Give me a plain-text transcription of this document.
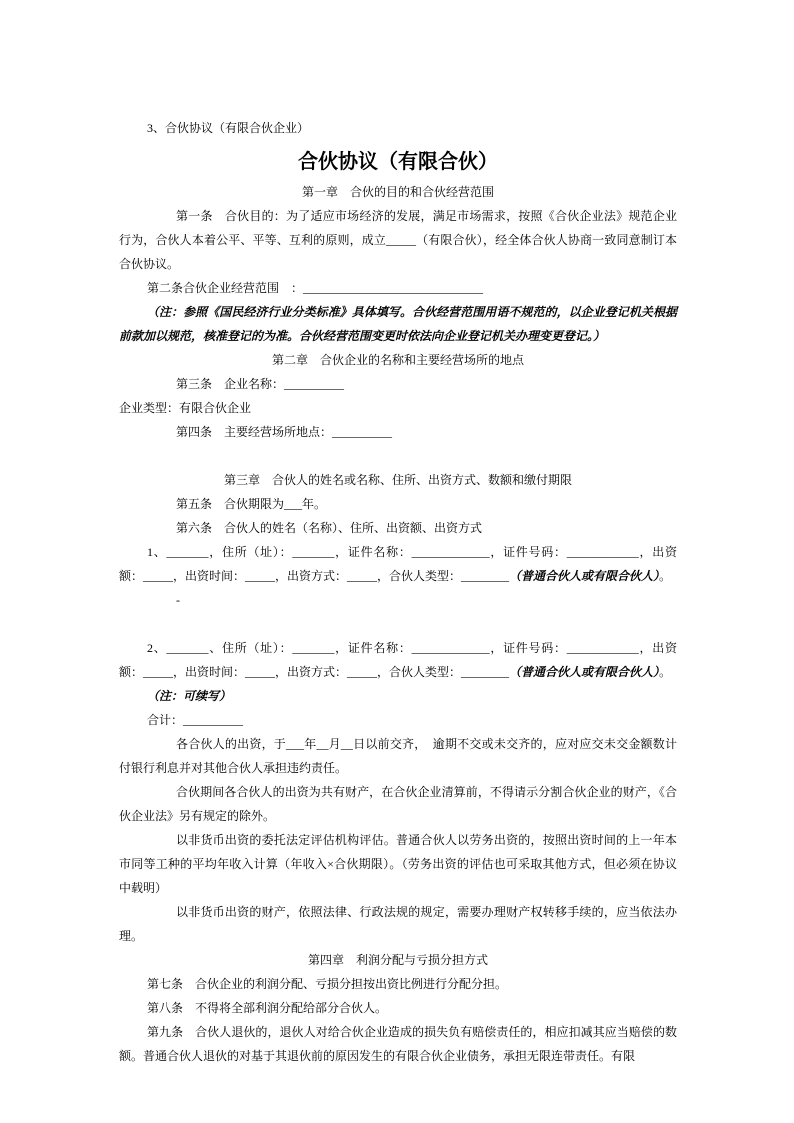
3、合伙协议（有限合伙企业）

合伙协议（有限合伙）

第一章　合伙的目的和合伙经营范围

第一条　合伙目的：为了适应市场经济的发展，满足市场需求，按照《合伙企业法》规范企业行为，合伙人本着公平、平等、互利的原则，成立_____（有限合伙），经全体合伙人协商一致同意制订本合伙协议。

第二条合伙企业经营范围　：______________________________

（注：参照《国民经济行业分类标准》具体填写。合伙经营范围用语不规范的，以企业登记机关根据前款加以规范，核准登记的为准。合伙经营范围变更时依法向企业登记机关办理变更登记。）

第二章　合伙企业的名称和主要经营场所的地点

第三条　企业名称：__________

企业类型：有限合伙企业

第四条　主要经营场所地点：__________

第三章　合伙人的姓名或名称、住所、出资方式、数额和缴付期限

第五条　合伙期限为___年。

第六条　合伙人的姓名（名称）、住所、出资额、出资方式

1、_______，住所（址）：_______，证件名称：_____________，证件号码：____________，出资额：_____，出资时间：_____，出资方式：_____，合伙人类型：________（普通合伙人或有限合伙人）。

-

2、_______、住所（址）：_______，证件名称：_____________，证件号码：____________，出资额：_____，出资时间：_____，出资方式：_____，合伙人类型：________（普通合伙人或有限合伙人）。

（注：可续写）

合计：__________

各合伙人的出资，于___年__月__日以前交齐，　逾期不交或未交齐的，应对应交未交金额数计付银行利息并对其他合伙人承担违约责任。

合伙期间各合伙人的出资为共有财产，在合伙企业清算前，不得请示分割合伙企业的财产，《合伙企业法》另有规定的除外。

以非货币出资的委托法定评估机构评估。普通合伙人以劳务出资的，按照出资时间的上一年本市同等工种的平均年收入计算（年收入×合伙期限）。（劳务出资的评估也可采取其他方式，但必须在协议中载明）

以非货币出资的财产，依照法律、行政法规的规定，需要办理财产权转移手续的，应当依法办理。

第四章　利润分配与亏损分担方式

第七条　合伙企业的利润分配、亏损分担按出资比例进行分配分担。

第八条　不得将全部利润分配给部分合伙人。

第九条　合伙人退伙的，退伙人对给合伙企业造成的损失负有赔偿责任的，相应扣减其应当赔偿的数额。普通合伙人退伙的对基于其退伙前的原因发生的有限合伙企业债务，承担无限连带责任。有限
